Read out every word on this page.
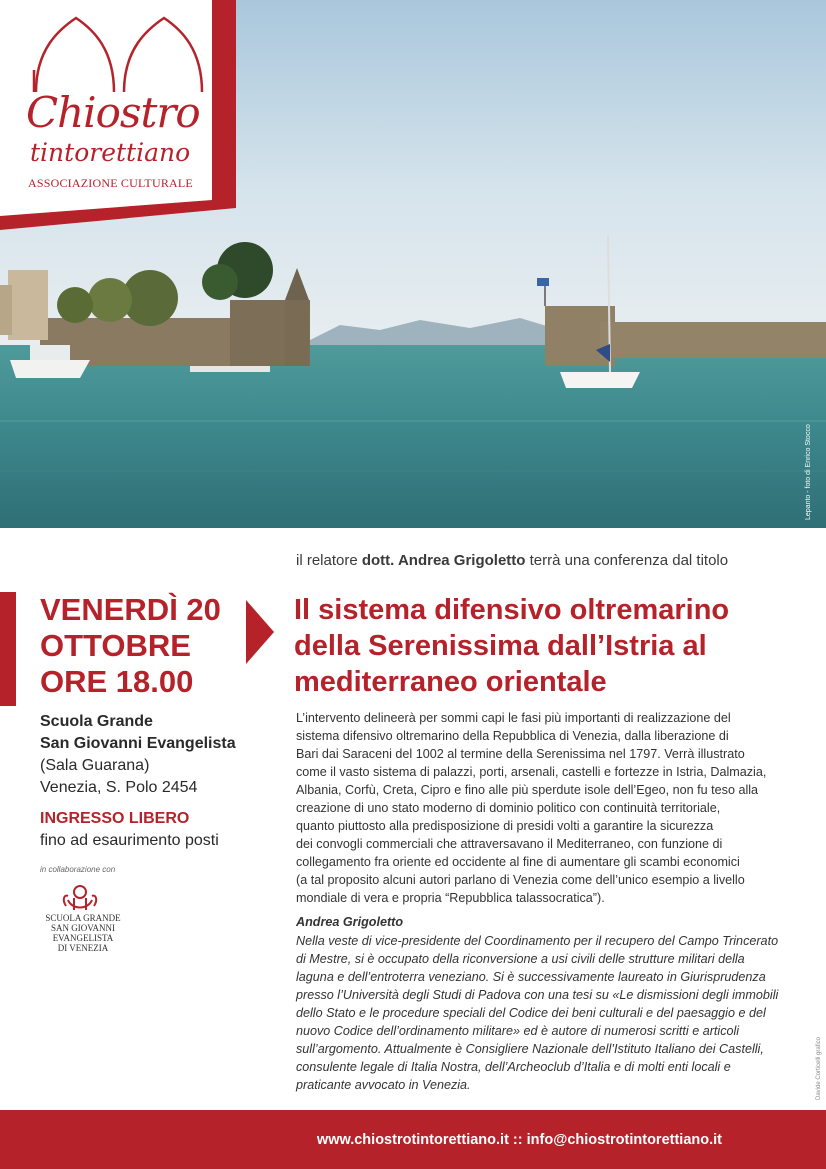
Lepanto - foto di Enrico Stocco
Chiostro
tintorettiano
ASSOCIAZIONE CULTURALE
il relatore dott. Andrea Grigoletto terrà una conferenza dal titolo
VENERDÌ 20
OTTOBRE
ORE 18.00
Il sistema difensivo oltremarino
della Serenissima dall’Istria al
mediterraneo orientale
Scuola Grande
San Giovanni Evangelista
(Sala Guarana)
Venezia, S. Polo 2454
INGRESSO LIBERO
fino ad esaurimento posti
in collaborazione con
SCUOLA GRANDE
SAN GIOVANNI
EVANGELISTA
DI VENEZIA
L’intervento delineerà per sommi capi le fasi più importanti di realizzazione del
sistema difensivo oltremarino della Repubblica di Venezia, dalla liberazione di
Bari dai Saraceni del 1002 al termine della Serenissima nel 1797. Verrà illustrato
come il vasto sistema di palazzi, porti, arsenali, castelli e fortezze in Istria, Dalmazia,
Albania, Corfù, Creta, Cipro e fino alle più sperdute isole dell’Egeo, non fu teso alla
creazione di uno stato moderno di dominio politico con continuità territoriale,
quanto piuttosto alla predisposizione di presidi volti a garantire la sicurezza
dei convogli commerciali che attraversavano il Mediterraneo, con funzione di
collegamento fra oriente ed occidente al fine di aumentare gli scambi economici
(a tal proposito alcuni autori parlano di Venezia come dell’unico esempio a livello
mondiale di vera e propria “Repubblica talassocratica”).
Andrea Grigoletto
Nella veste di vice-presidente del Coordinamento per il recupero del Campo Trincerato
di Mestre, si è occupato della riconversione a usi civili delle strutture militari della
laguna e dell’entroterra veneziano. Si è successivamente laureato in Giurisprudenza
presso l’Università degli Studi di Padova con una tesi su «Le dismissioni degli immobili
dello Stato e le procedure speciali del Codice dei beni culturali e del paesaggio e del
nuovo Codice dell’ordinamento militare» ed è autore di numerosi scritti e articoli
sull’argomento. Attualmente è Consigliere Nazionale dell’Istituto Italiano dei Castelli,
consulente legale di Italia Nostra, dell’Archeoclub d’Italia e di molti enti locali e
praticante avvocato in Venezia.	Davide Corticelli grafico
www.chiostrotintorettiano.it :: info@chiostrotintorettiano.it
